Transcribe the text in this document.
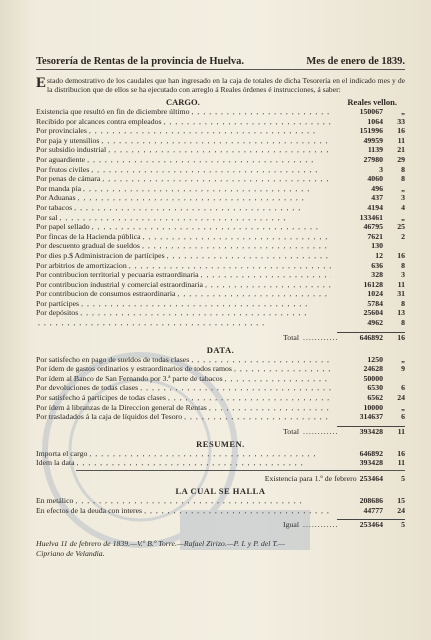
Tesorería de Rentas de la provincia de Huelva.	Mes de enero de 1839.
Estado demostrativo de los caudales que han ingresado en la caja de totales de dicha Tesorería en el indicado mes y de la distribucion que de ellos se ha ejecutado con arreglo á Reales órdenes é instrucciones, á saber:
CARGO.	Reales vellon.
Existencia que resultó en fin de diciembre último , , , , , , , , , , , , , , , , , , , , , , , , , , , , , , , , , , , , , , ,	150067	„
Recibido por alcances contra empleados , , , , , , , , , , , , , , , , , , , , , , , , , , , , , , , , , , , , , , ,	1064	33
Por provinciales , , , , , , , , , , , , , , , , , , , , , , , , , , , , , , , , , , , , , , ,	151996	16
Por paja y utensilios , , , , , , , , , , , , , , , , , , , , , , , , , , , , , , , , , , , , , , ,	49959	11
Por subsidio industrial , , , , , , , , , , , , , , , , , , , , , , , , , , , , , , , , , , , , , , ,	1139	21
Por aguardiente , , , , , , , , , , , , , , , , , , , , , , , , , , , , , , , , , , , , , , ,	27980	29
Por frutos civiles , , , , , , , , , , , , , , , , , , , , , , , , , , , , , , , , , , , , , , ,	3	8
Por penas de cámara , , , , , , , , , , , , , , , , , , , , , , , , , , , , , , , , , , , , , , ,	4060	8
Por manda pía , , , , , , , , , , , , , , , , , , , , , , , , , , , , , , , , , , , , , , ,	496	„
Por Aduanas , , , , , , , , , , , , , , , , , , , , , , , , , , , , , , , , , , , , , , ,	437	3
Por tabacos , , , , , , , , , , , , , , , , , , , , , , , , , , , , , , , , , , , , , , ,	4194	4
Por sal , , , , , , , , , , , , , , , , , , , , , , , , , , , , , , , , , , , , , , ,	133461	„
Por papel sellado , , , , , , , , , , , , , , , , , , , , , , , , , , , , , , , , , , , , , , ,	46795	25
Por fincas de la Hacienda pública , , , , , , , , , , , , , , , , , , , , , , , , , , , , , , , , , , , , , , ,	7621	2
Por descuento gradual de sueldos , , , , , , , , , , , , , , , , , , , , , , , , , , , , , , , , , , , , , , ,	130
Por dies p.$ Administracion de partícipes , , , , , , , , , , , , , , , , , , , , , , , , , , , , , , , , , , , , , , ,	12	16
Por arbitrios de amortizacion , , , , , , , , , , , , , , , , , , , , , , , , , , , , , , , , , , , , , , ,	636	8
Por contribucion territorial y pecuaria estraordinaria , , , , , , , , , , , , , , , , , , , , , , , , , , , , , , , , , , , , , , ,	328	3
Por contribucion industrial y comercial estraordinaria , , , , , , , , , , , , , , , , , , , , , , , , , , , , , , , , , , , , , , ,	16128	11
Por contribucion de consumos estraordinaria , , , , , , , , , , , , , , , , , , , , , , , , , , , , , , , , , , , , , , ,	1024	31
Por partícipes , , , , , , , , , , , , , , , , , , , , , , , , , , , , , , , , , , , , , , ,	5784	8
Por depósitos , , , , , , , , , , , , , , , , , , , , , , , , , , , , , , , , , , , , , , ,	25604	13
, , , , , , , , , , , , , , , , , , , , , , , , , , , , , , , , , , , , , , ,
4962	8
Total .....	646892	16
DATA.
Por satisfecho en pago de sueldos de todas clases , , , , , , , , , , , , , , , , , , , , , , , , , , , , , , , , , , , , , , ,	1250	„
Por ídem de gastos ordinarios y estraordinarios de todos ramos , , , , , , , , , , , , , , , , , , , , , , , , , , , , , , , , , , , , , , ,	24628	9
Por ídem al Banco de San Fernando por 3.ª parte de tabacos , , , , , , , , , , , , , , , , , , , , , , , , , , , , , , , , , , , , , , ,	50000
Por devoluciones de todas clases , , , , , , , , , , , , , , , , , , , , , , , , , , , , , , , , , , , , , , ,	6530	6
Por satisfecho á partícipes de todas clases , , , , , , , , , , , , , , , , , , , , , , , , , , , , , , , , , , , , , , ,	6562	24
Por ídem á libranzas de la Direccion general de Rentas , , , , , , , , , , , , , , , , , , , , , , , , , , , , , , , , , , , , , , ,	10000	„
Por trasladados á la caja de líquidos del Tesoro , , , , , , , , , , , , , , , , , , , , , , , , , , , , , , , , , , , , , , ,	314637	6
Total .....	393428	11
RESUMEN.
Importa el cargo , , , , , , , , , , , , , , , , , , , , , , , , , , , , , , , , , , , , , , ,	646892	16
Idem la data , , , , , , , , , , , , , , , , , , , , , , , , , , , , , , , , , , , , , , ,	393428	11
Existencia para 1.º de febrero 253464	5
LA CUAL SE HALLA
En metálico , , , , , , , , , , , , , , , , , , , , , , , , , , , , , , , , , , , , , , ,	208686	15
En efectos de la deuda con interes , , , , , , , , , , , , , , , , , , , , , , , , , , , , , , , , , , , , , , ,	44777	24
Igual .....	253464	5
Huelva 11 de febrero de 1839.—V.º B.º Torre.—Rafael Zirizo.—P. I. y P. del T.—
Cipriano de Velandia.
